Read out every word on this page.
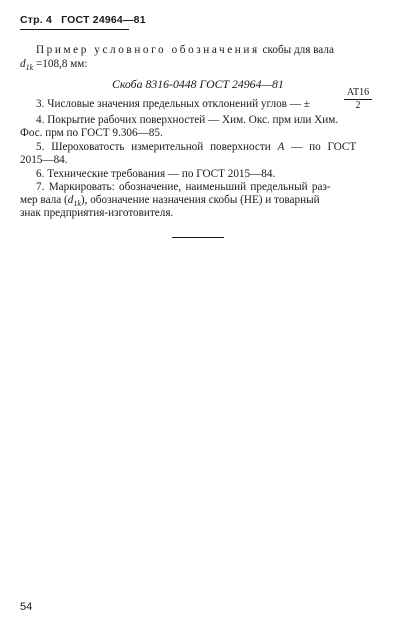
Стр. 4 ГОСТ 24964—81
Пример условного обозначения скобы для вала
$d_{1k} =108,8$ мм:
Скоба 8316-0448 ГОСТ 24964—81
3. Числовые значения предельных отклонений углов — ±
AT16
2
4. Покрытие рабочих поверхностей — Хим. Окс. прм или Хим.
Фос. прм по ГОСТ 9.306—85.
5. Шероховатость измерительной поверхности A — по ГОСТ
2015—84.
6. Технические требования — по ГОСТ 2015—84.
7. Маркировать: обозначение, наименьший предельный раз-
мер вала $(d_{1k})$, обозначение назначения скобы (НЕ) и товарный
знак предприятия-изготовителя.
54
